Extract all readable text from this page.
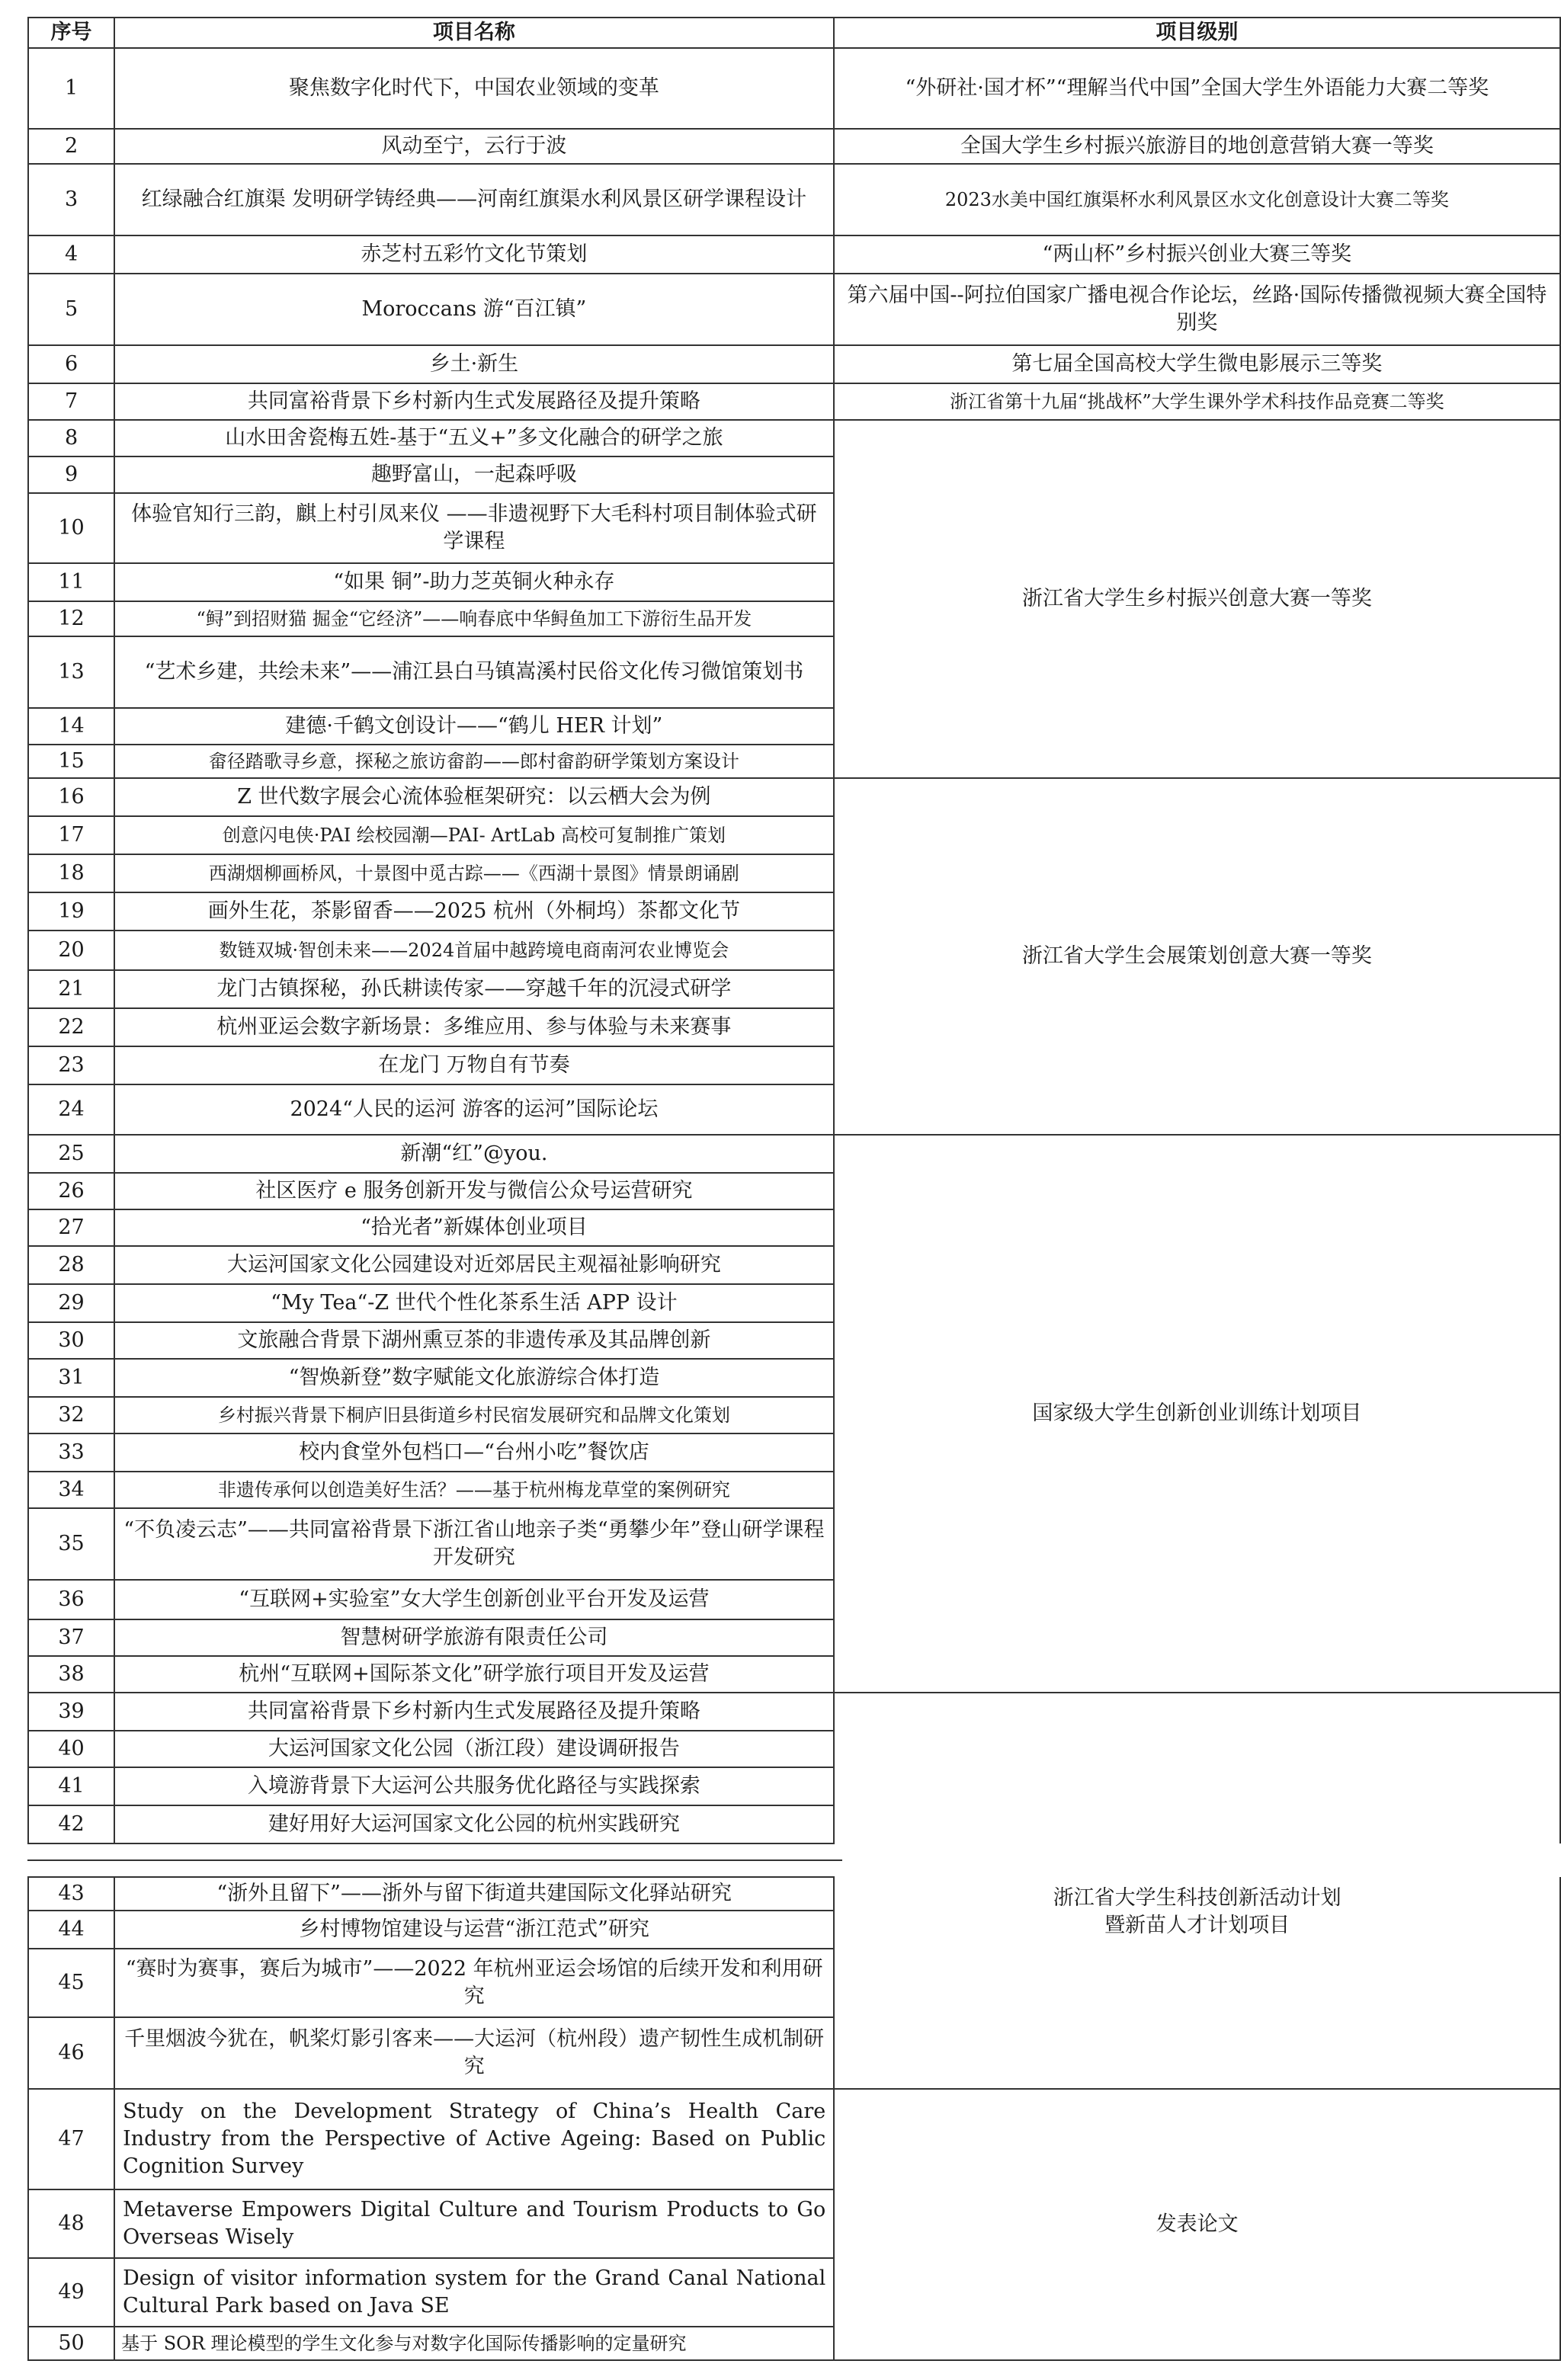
序号	项目名称	项目级别
1	聚焦数字化时代下，中国农业领域的变革	“外研社·国才杯”“理解当代中国”全国大学生外语能力大赛二等奖
2	风动至宁，云行于波	全国大学生乡村振兴旅游目的地创意营销大赛一等奖
3	红绿融合红旗渠 发明研学铸经典——河南红旗渠水利风景区研学课程设计	2023水美中国红旗渠杯水利风景区水文化创意设计大赛二等奖
4	赤芝村五彩竹文化节策划	“两山杯”乡村振兴创业大赛三等奖
5	Moroccans 游“百江镇”	第六届中国--阿拉伯国家广播电视合作论坛，丝路·国际传播微视频大赛全国特别奖
6	乡土·新生	第七届全国高校大学生微电影展示三等奖
7	共同富裕背景下乡村新内生式发展路径及提升策略	浙江省第十九届“挑战杯”大学生课外学术科技作品竞赛二等奖
8	山水田舍瓷梅五姓-基于“五义+”多文化融合的研学之旅	浙江省大学生乡村振兴创意大赛一等奖
9	趣野富山，一起森呼吸	
10	体验官知行三韵，麒上村引凤来仪 ——非遗视野下大毛科村项目制体验式研学课程	
11	“如果 铜”-助力芝英铜火种永存	
12	“鲟”到招财猫 掘金“它经济”——响春底中华鲟鱼加工下游衍生品开发	
13	“艺术乡建，共绘未来”——浦江县白马镇嵩溪村民俗文化传习微馆策划书	
14	建德·千鹤文创设计——“鹤儿 HER 计划”	
15	畲径踏歌寻乡意，探秘之旅访畲韵——郎村畲韵研学策划方案设计	
16	Z 世代数字展会心流体验框架研究：以云栖大会为例	浙江省大学生会展策划创意大赛一等奖
17	创意闪电侠·PAI 绘校园潮—PAI- ArtLab 高校可复制推广策划	
18	西湖烟柳画桥风，十景图中觅古踪——《西湖十景图》情景朗诵剧	
19	画外生花，茶影留香——2025 杭州（外桐坞）茶都文化节	
20	数链双城·智创未来——2024首届中越跨境电商南河农业博览会	
21	龙门古镇探秘，孙氏耕读传家——穿越千年的沉浸式研学	
22	杭州亚运会数字新场景：多维应用、参与体验与未来赛事	
23	在龙门 万物自有节奏	
24	2024“人民的运河 游客的运河”国际论坛	
25	新潮“红”@you.	国家级大学生创新创业训练计划项目
26	社区医疗 e 服务创新开发与微信公众号运营研究	
27	“拾光者”新媒体创业项目	
28	大运河国家文化公园建设对近郊居民主观福祉影响研究	
29	“My Tea“-Z 世代个性化茶系生活 APP 设计	
30	文旅融合背景下湖州熏豆茶的非遗传承及其品牌创新	
31	“智焕新登”数字赋能文化旅游综合体打造	
32	乡村振兴背景下桐庐旧县街道乡村民宿发展研究和品牌文化策划	
33	校内食堂外包档口—“台州小吃”餐饮店	
34	非遗传承何以创造美好生活？——基于杭州梅龙草堂的案例研究	
35	“不负凌云志”——共同富裕背景下浙江省山地亲子类“勇攀少年”登山研学课程开发研究	
36	“互联网+实验室”女大学生创新创业平台开发及运营	
37	智慧树研学旅游有限责任公司	
38	杭州“互联网+国际茶文化”研学旅行项目开发及运营	
39	共同富裕背景下乡村新内生式发展路径及提升策略	
40	大运河国家文化公园（浙江段）建设调研报告	
41	入境游背景下大运河公共服务优化路径与实践探索	
42	建好用好大运河国家文化公园的杭州实践研究	
43	“浙外且留下”——浙外与留下街道共建国际文化驿站研究	浙江省大学生科技创新活动计划
暨新苗人才计划项目

44	乡村博物馆建设与运营“浙江范式”研究	
45	“赛时为赛事，赛后为城市”——2022 年杭州亚运会场馆的后续开发和利用研究	
46	千里烟波今犹在，帆桨灯影引客来——大运河（杭州段）遗产韧性生成机制研究	
47	Study on the Development Strategy of China’s Health Care Industry from the Perspective of Active Ageing: Based on Public Cognition Survey	发表论文
48	Metaverse Empowers Digital Culture and Tourism Products to Go Overseas Wisely	
49	Design of visitor information system for the Grand Canal National Cultural Park based on Java SE	
50	基于 SOR 理论模型的学生文化参与对数字化国际传播影响的定量研究	
